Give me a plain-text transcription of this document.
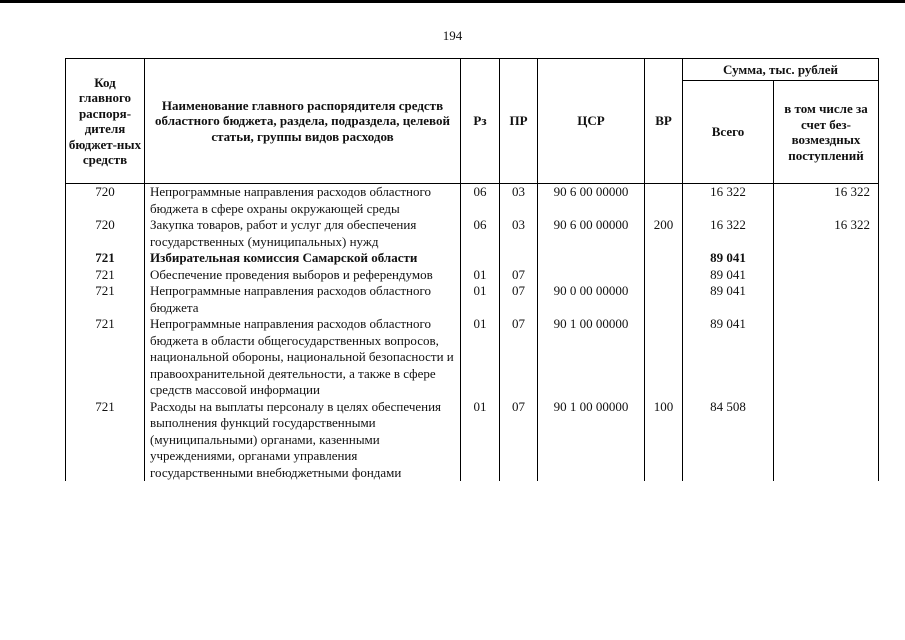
194
Код главного распоря-дителя бюджет-ных средств	Наименование главного распорядителя средств областного бюджета, раздела, подраздела, целевой статьи, группы видов расходов	Рз	ПР	ЦСР	ВР	Сумма, тыс. рублей	
						Всего	в том числе за счет без-возмездных поступлений
720	Непрограммные направления расходов областного бюджета в сфере охраны окружающей среды	06	03	90 6 00 00000		16 322	16 322
720	Закупка товаров, работ и услуг для обеспечения государственных (муниципальных) нужд	06	03	90 6 00 00000	200	16 322	16 322
721	Избирательная комиссия Самарской области					89 041	
721	Обеспечение проведения выборов и референдумов	01	07			89 041	
721	Непрограммные направления расходов областного бюджета	01	07	90 0 00 00000		89 041	
721	Непрограммные направления расходов областного бюджета в области общегосударственных вопросов, национальной обороны, национальной безопасности и правоохранительной деятельности, а также в сфере средств массовой информации	01	07	90 1 00 00000		89 041	
721	Расходы на выплаты персоналу в целях обеспечения выполнения функций государственными (муниципальными) органами, казенными учреждениями, органами управления государственными внебюджетными фондами	01	07	90 1 00 00000	100	84 508	
